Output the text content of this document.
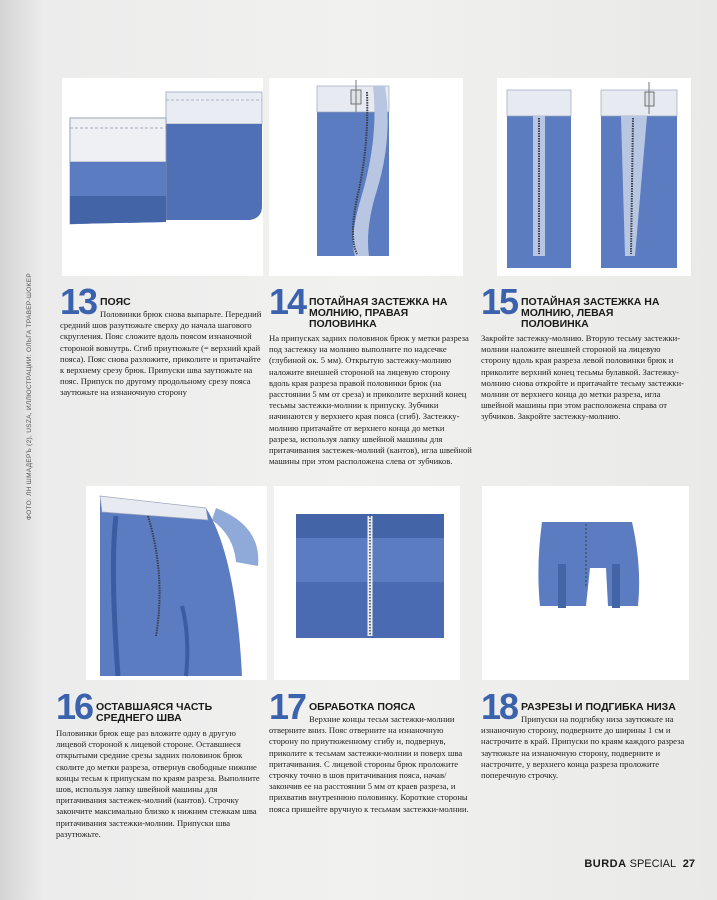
ФОТО: ЛН ШМАДЕРЪ (2), USZA, ИЛЛЮСТРАЦИИ: ОЛЬГА ТРАВЕР-ШОКЕР 13 ПОЯС
Половинки брюк снова выпарьте. Передний средний шов разутюжьте сверху до начала шагового скругления. Пояс сложите вдоль поясом изнаночной стороной вовнутрь. Сгиб приутюжьте (= верхний край пояса). Пояс снова разложите, приколите и притачайте к верхнему срезу брюк. Припуски шва заутюжьте на пояс. Припуск по другому продольному срезу пояса заутюжьте на изнаночную сторону
14 ПОТАЙНАЯ ЗАСТЕЖКА НА МОЛНИЮ, ПРАВАЯ ПОЛОВИНКА
На припусках задних половинок брюк у метки разреза под застежку на молнию выполните по надсечке (глубиной ок. 5 мм). Открытую застежку-молнию наложите внешней стороной на лицевую сторону вдоль края разреза правой половинки брюк (на расстоянии 5 мм от среза) и приколите верхний конец тесьмы застежки-молнии к припуску. Зубчики начинаются у верхнего края пояса (сгиб). Застежку-молнию притачайте от верхнего конца до метки разреза, используя лапку швейной машины для притачивания застежек-молний (кантов), игла швейной машины при этом расположена слева от зубчиков.
15 ПОТАЙНАЯ ЗАСТЕЖКА НА МОЛНИЮ, ЛЕВАЯ ПОЛОВИНКА
Закройте застежку-молнию. Вторую тесьму застежки-молнии наложите внешней стороной на лицевую сторону вдоль края разреза левой половинки брюк и приколите верхний конец тесьмы булавкой. Застежку-молнию снова откройте и притачайте тесьму застежки-молнии от верхнего конца до метки разреза, игла швейной машины при этом расположена справа от зубчиков. Закройте застежку-молнию.
16 ОСТАВШАЯСЯ ЧАСТЬ СРЕДНЕГО ШВА
Половинки брюк еще раз вложите одну в другую лицевой стороной к лицевой стороне. Оставшиеся открытыми средние срезы задних половинок брюк сколите до метки разреза, отвернув свободные нижние концы тесьм к припускам по краям разреза. Выполните шов, используя лапку швейной машины для притачивания застежек-молний (кантов). Строчку закончите максимально близко к нижним стежкам шва притачивания застежки-молнии. Припуски шва разутюжьте.
17 ОБРАБОТКА ПОЯСА
Верхние концы тесьм застежки-молнии отверните вниз. Пояс отверните на изнаночную сторону по приутюженному сгибу и, подвернув, приколите к тесьмам застежки-молнии и поверх шва притачивания. С лицевой стороны брюк проложите строчку точно в шов притачивания пояса, начав/закончив ее на расстоянии 5 мм от краев разреза, и прихватив внутреннюю половинку. Короткие стороны пояса пришейте вручную к тесьмам застежки-молнии.
18 РАЗРЕЗЫ И ПОДГИБКА НИЗА
Припуски на подгибку низа заутюжьте на изнаночную сторону, подверните до ширины 1 см и настрочите в край. Припуски по краям каждого разреза заутюжьте на изнаночную сторону, подверните и настрочите, у верхнего конца разреза проложите поперечную строчку.
BURDA SPECIAL 27
